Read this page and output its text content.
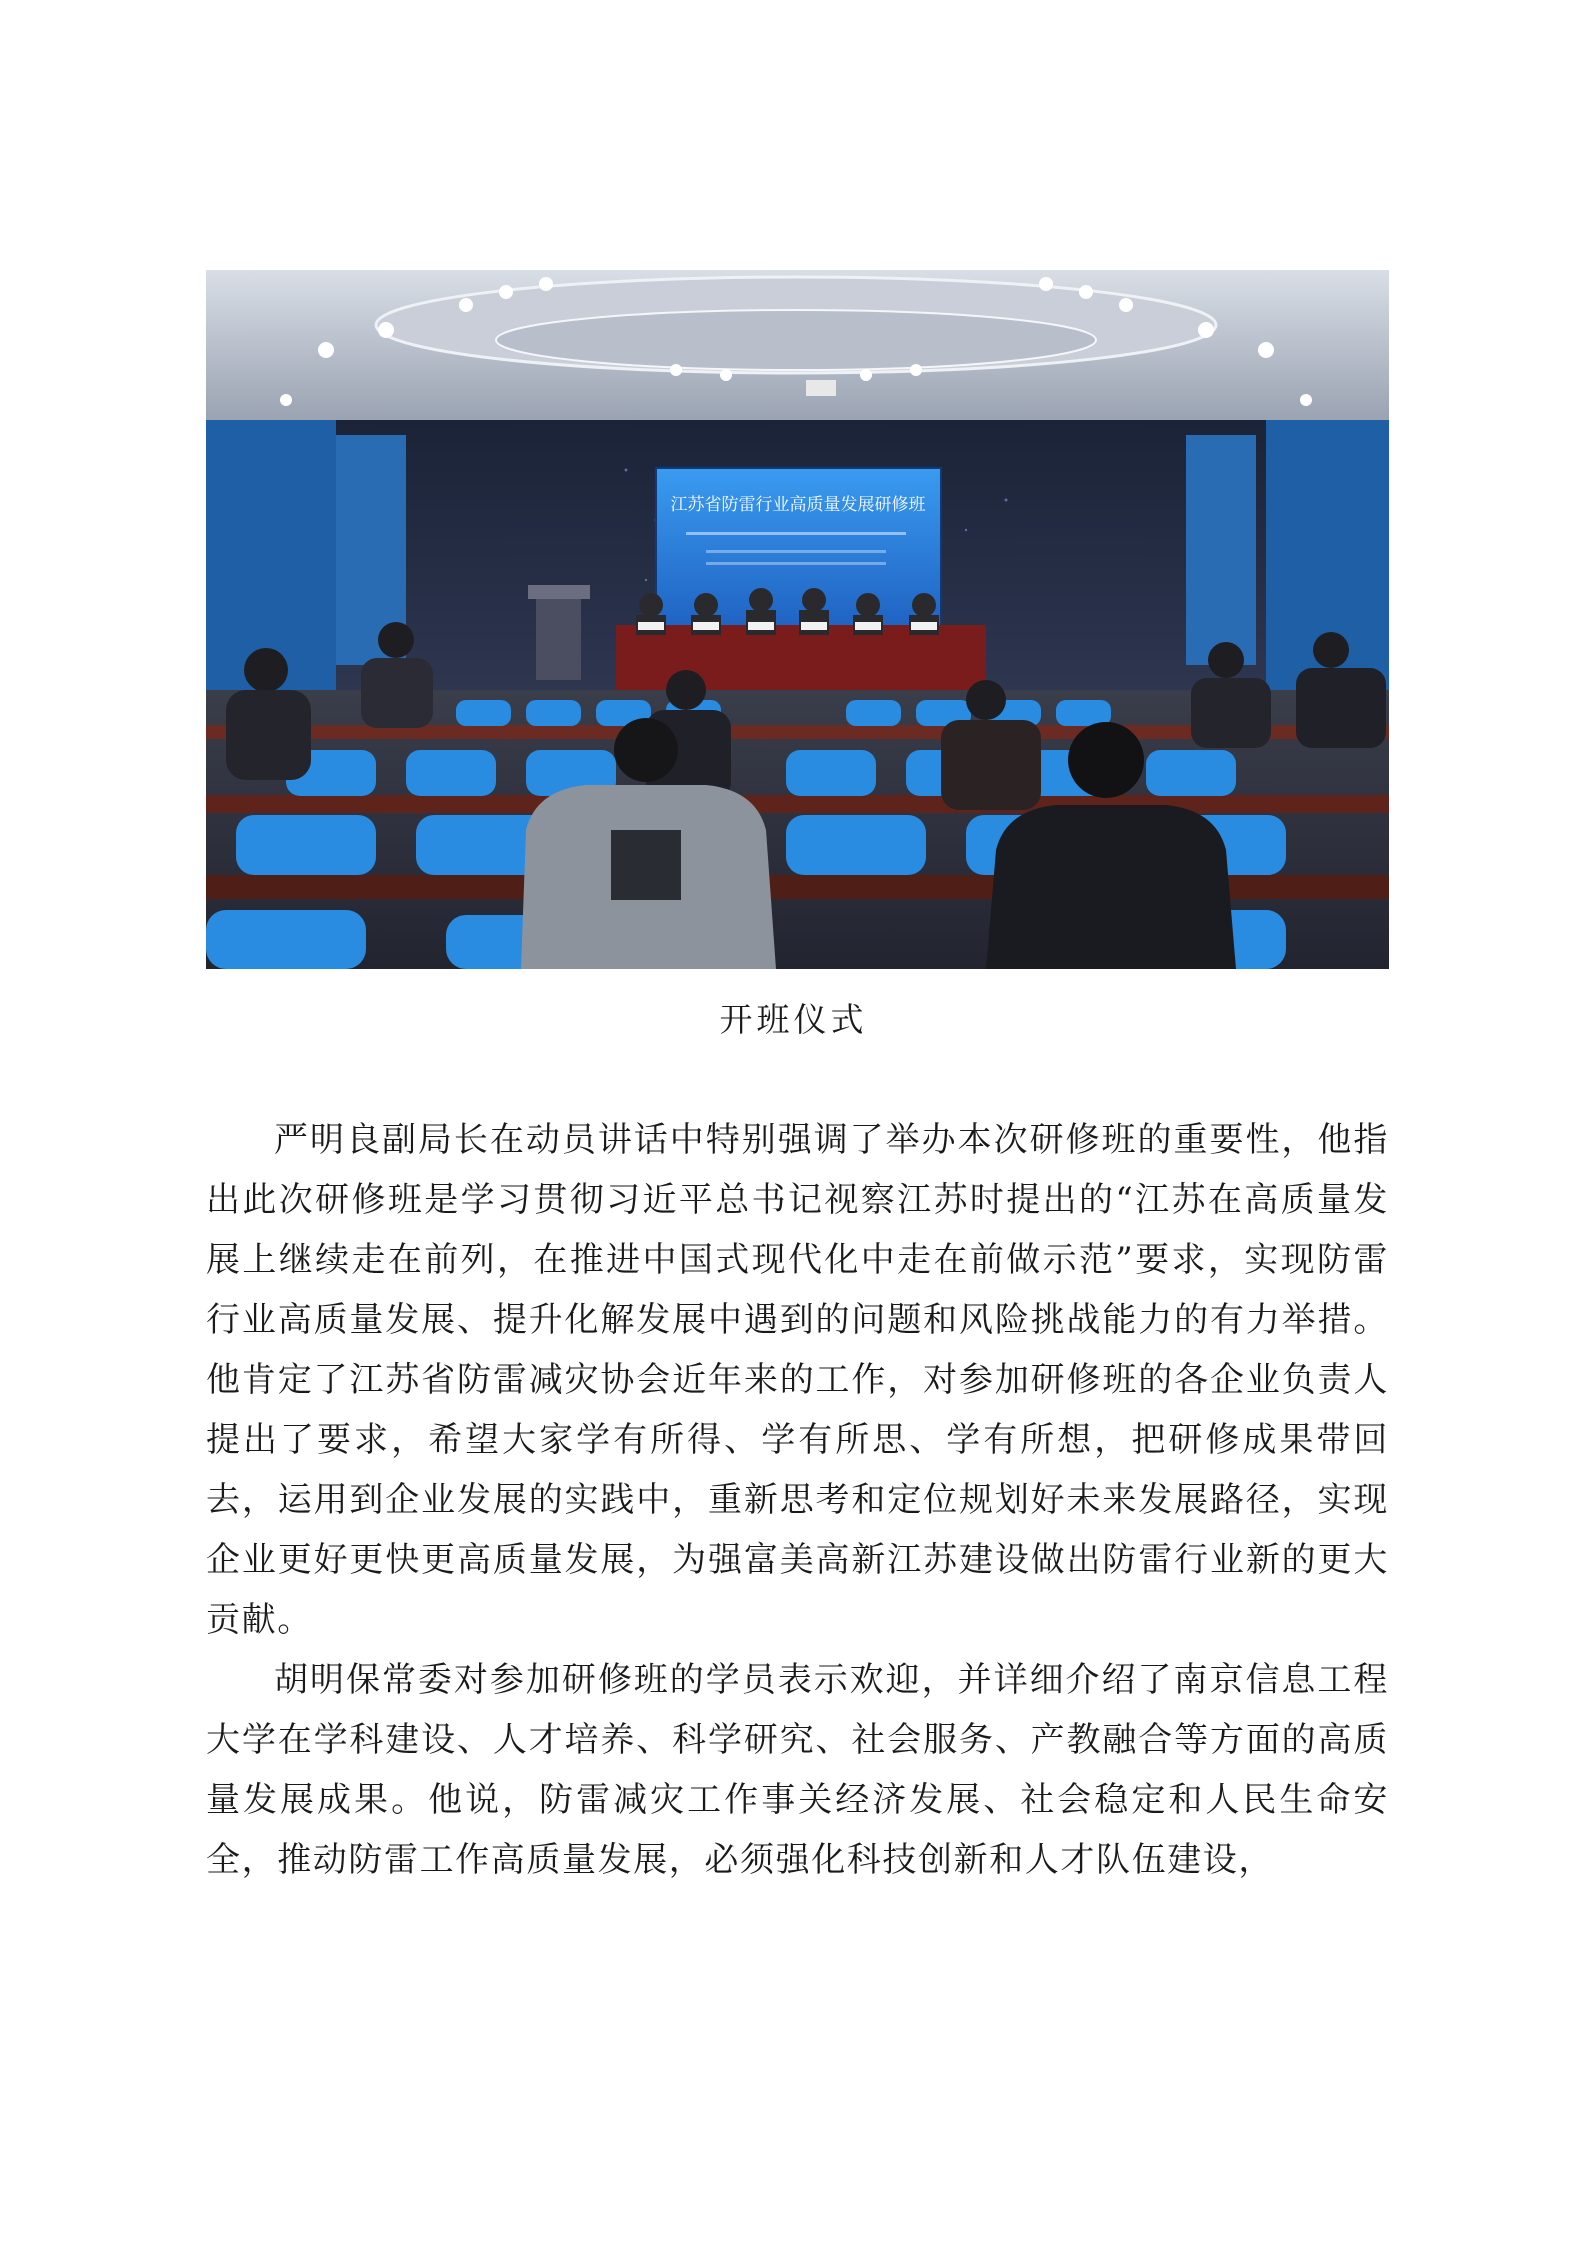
江苏省防雷行业高质量发展研修班
开班仪式

严明良副局长在动员讲话中特别强调了举办本次研修班的重要性，他指出此次研修班是学习贯彻习近平总书记视察江苏时提出的“江苏在高质量发展上继续走在前列，在推进中国式现代化中走在前做示范”要求，实现防雷行业高质量发展、提升化解发展中遇到的问题和风险挑战能力的有力举措。他肯定了江苏省防雷减灾协会近年来的工作，对参加研修班的各企业负责人提出了要求，希望大家学有所得、学有所思、学有所想，把研修成果带回去，运用到企业发展的实践中，重新思考和定位规划好未来发展路径，实现企业更好更快更高质量发展，为强富美高新江苏建设做出防雷行业新的更大贡献。

胡明保常委对参加研修班的学员表示欢迎，并详细介绍了南京信息工程大学在学科建设、人才培养、科学研究、社会服务、产教融合等方面的高质量发展成果。他说，防雷减灾工作事关经济发展、社会稳定和人民生命安全，推动防雷工作高质量发展，必须强化科技创新和人才队伍建设，
